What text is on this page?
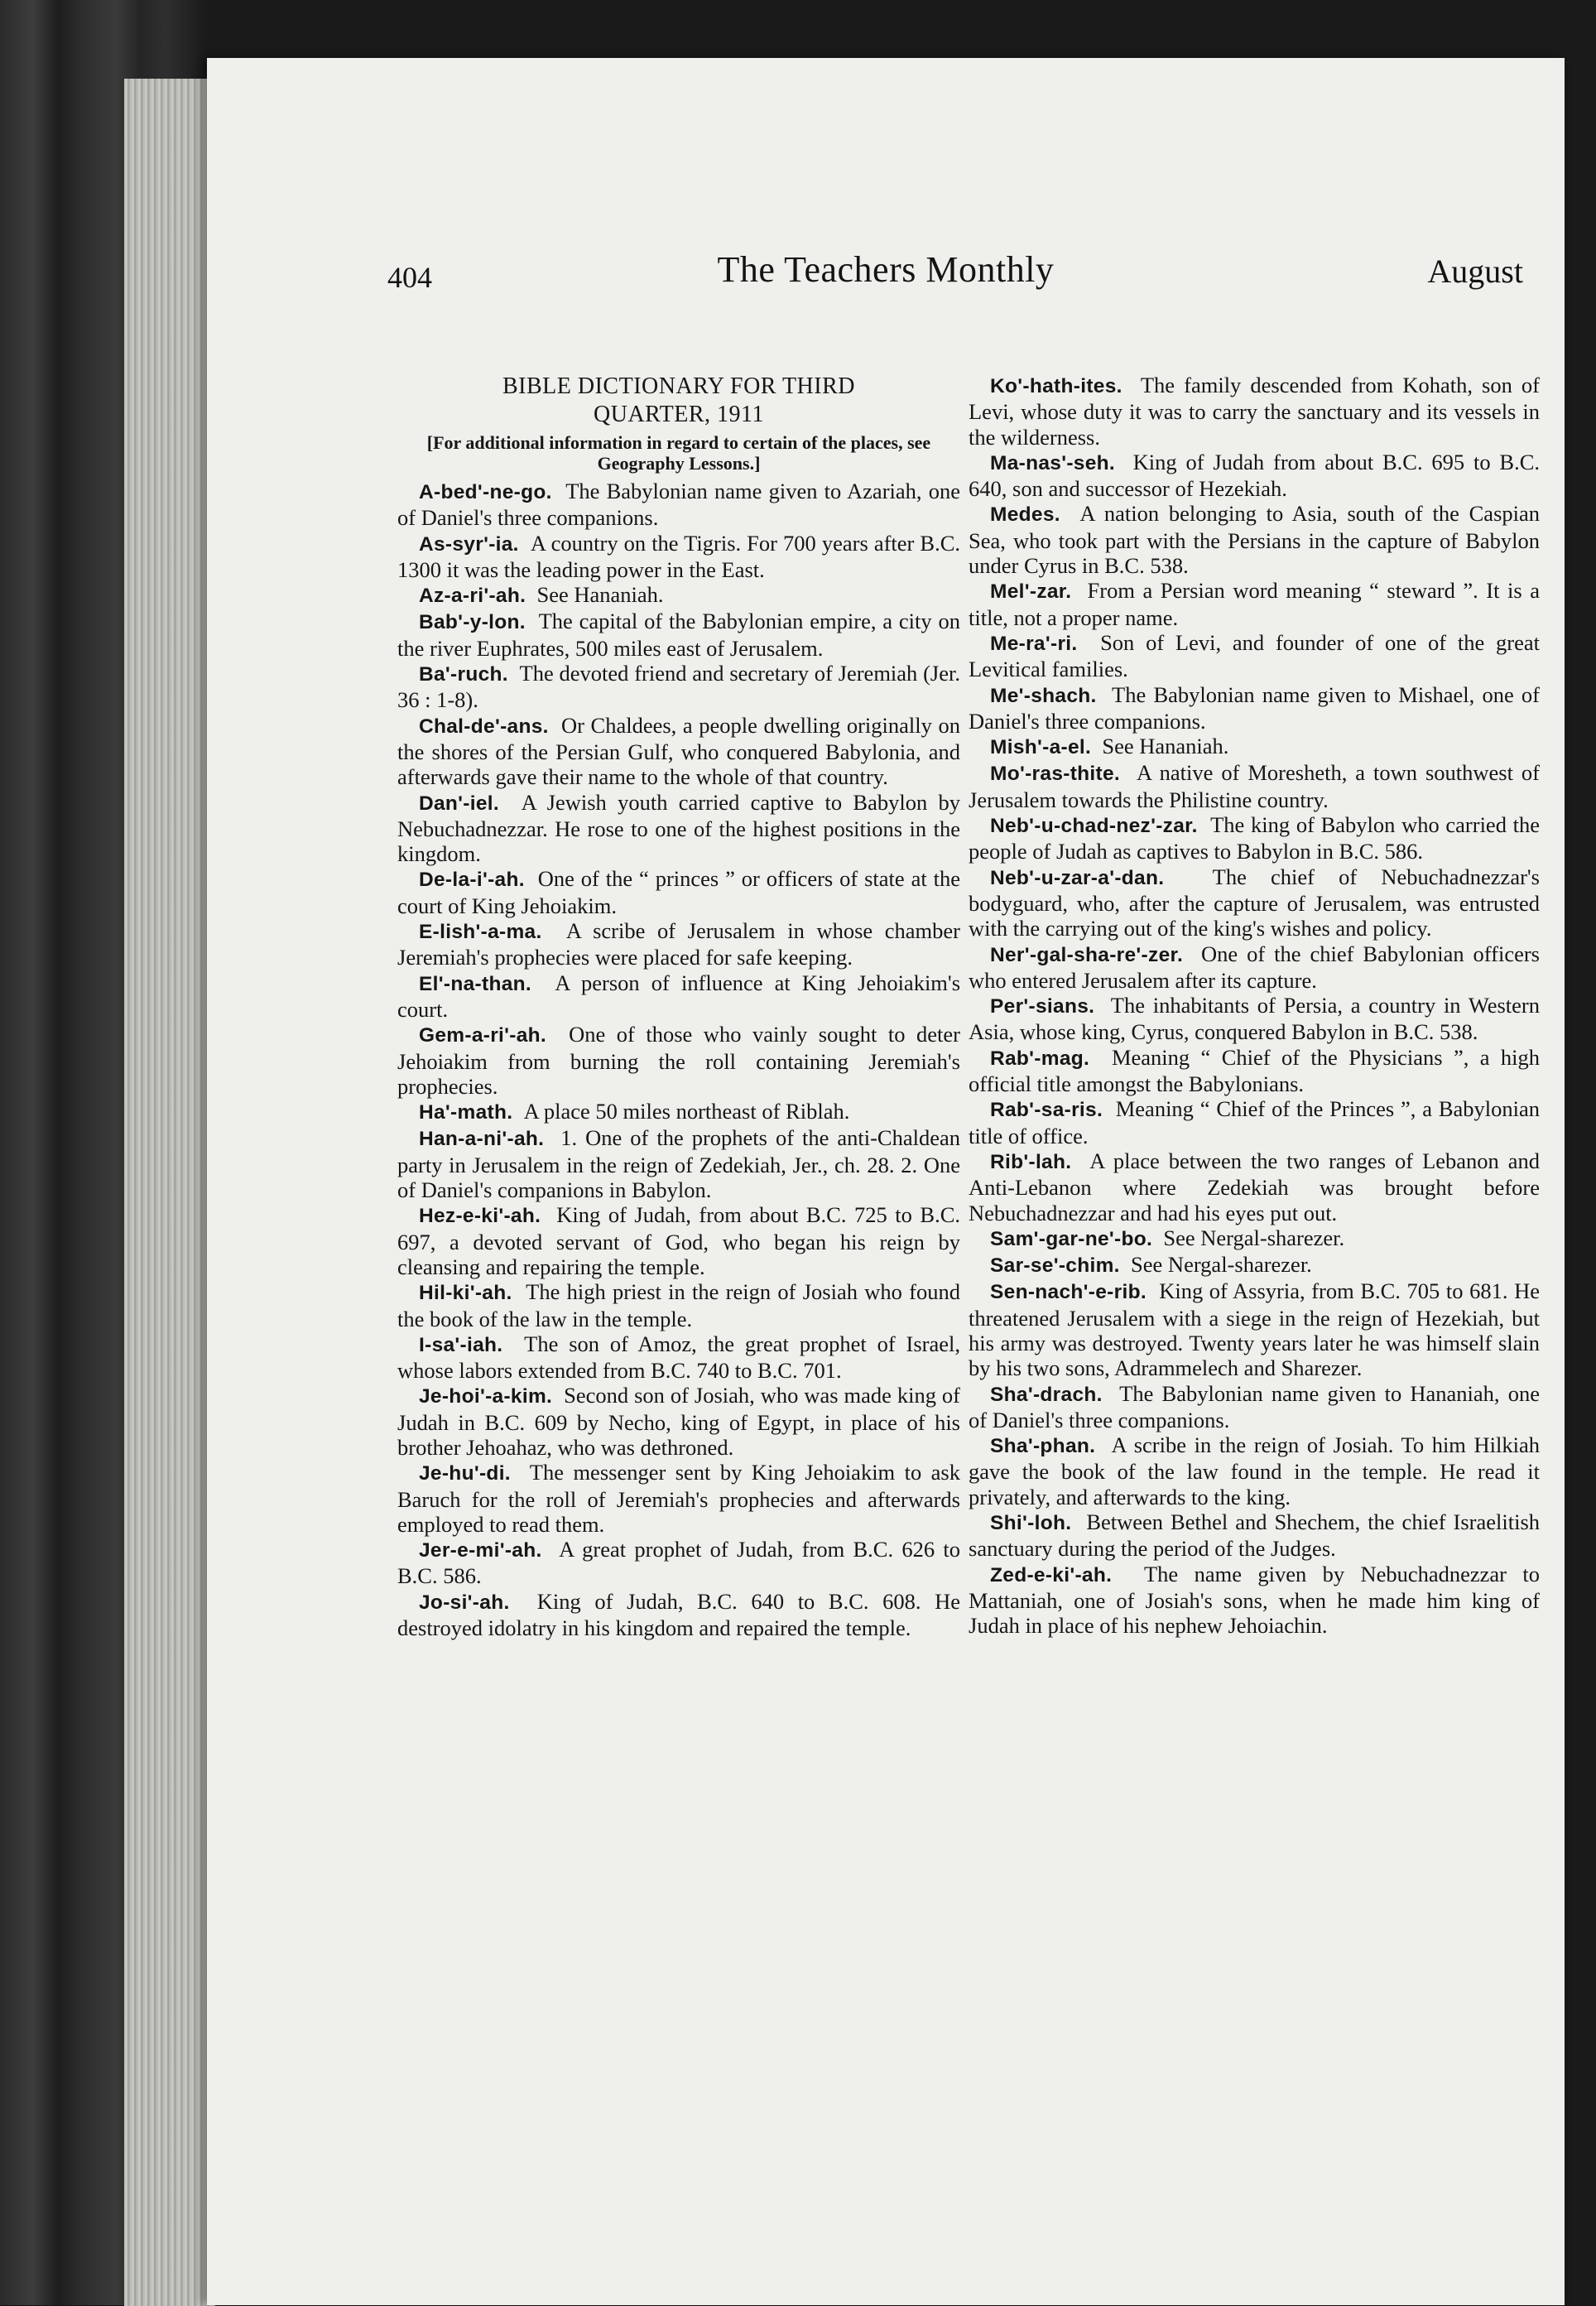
404	The Teachers Monthly	August
BIBLE DICTIONARY FOR THIRD
QUARTER, 1911
[For additional information in regard to certain of the places, see Geography Lessons.]

A-bed'-ne-go. The Babylonian name given to Azariah, one of Daniel's three companions.

As-syr'-ia. A country on the Tigris. For 700 years after B.C. 1300 it was the leading power in the East.

Az-a-ri'-ah. See Hananiah.

Bab'-y-lon. The capital of the Babylonian empire, a city on the river Euphrates, 500 miles east of Jerusalem.

Ba'-ruch. The devoted friend and secretary of Jeremiah (Jer. 36 : 1-8).

Chal-de'-ans. Or Chaldees, a people dwelling originally on the shores of the Persian Gulf, who conquered Babylonia, and afterwards gave their name to the whole of that country.

Dan'-iel. A Jewish youth carried captive to Babylon by Nebuchadnezzar. He rose to one of the highest positions in the kingdom.

De-la-i'-ah. One of the “ princes ” or officers of state at the court of King Jehoiakim.

E-lish'-a-ma. A scribe of Jerusalem in whose chamber Jeremiah's prophecies were placed for safe keeping.

El'-na-than. A person of influence at King Jehoiakim's court.

Gem-a-ri'-ah. One of those who vainly sought to deter Jehoiakim from burning the roll containing Jeremiah's prophecies.

Ha'-math. A place 50 miles northeast of Riblah.

Han-a-ni'-ah. 1. One of the prophets of the anti-Chaldean party in Jerusalem in the reign of Zedekiah, Jer., ch. 28. 2. One of Daniel's companions in Babylon.

Hez-e-ki'-ah. King of Judah, from about B.C. 725 to B.C. 697, a devoted servant of God, who began his reign by cleansing and repairing the temple.

Hil-ki'-ah. The high priest in the reign of Josiah who found the book of the law in the temple.

I-sa'-iah. The son of Amoz, the great prophet of Israel, whose labors extended from B.C. 740 to B.C. 701.

Je-hoi'-a-kim. Second son of Josiah, who was made king of Judah in B.C. 609 by Necho, king of Egypt, in place of his brother Jehoahaz, who was dethroned.

Je-hu'-di. The messenger sent by King Jehoiakim to ask Baruch for the roll of Jeremiah's prophecies and afterwards employed to read them.

Jer-e-mi'-ah. A great prophet of Judah, from B.C. 626 to B.C. 586.

Jo-si'-ah. King of Judah, B.C. 640 to B.C. 608. He destroyed idolatry in his kingdom and repaired the temple.

Ko'-hath-ites. The family descended from Kohath, son of Levi, whose duty it was to carry the sanctuary and its vessels in the wilderness.

Ma-nas'-seh. King of Judah from about B.C. 695 to B.C. 640, son and successor of Hezekiah.

Medes. A nation belonging to Asia, south of the Caspian Sea, who took part with the Persians in the capture of Babylon under Cyrus in B.C. 538.

Mel'-zar. From a Persian word meaning “ steward ”. It is a title, not a proper name.

Me-ra'-ri. Son of Levi, and founder of one of the great Levitical families.

Me'-shach. The Babylonian name given to Mishael, one of Daniel's three companions.

Mish'-a-el. See Hananiah.

Mo'-ras-thite. A native of Moresheth, a town southwest of Jerusalem towards the Philistine country.

Neb'-u-chad-nez'-zar. The king of Babylon who carried the people of Judah as captives to Babylon in B.C. 586.

Neb'-u-zar-a'-dan. The chief of Nebuchadnezzar's bodyguard, who, after the capture of Jerusalem, was entrusted with the carrying out of the king's wishes and policy.

Ner'-gal-sha-re'-zer. One of the chief Babylonian officers who entered Jerusalem after its capture.

Per'-sians. The inhabitants of Persia, a country in Western Asia, whose king, Cyrus, conquered Babylon in B.C. 538.

Rab'-mag. Meaning “ Chief of the Physicians ”, a high official title amongst the Babylonians.

Rab'-sa-ris. Meaning “ Chief of the Princes ”, a Babylonian title of office.

Rib'-lah. A place between the two ranges of Lebanon and Anti-Lebanon where Zedekiah was brought before Nebuchadnezzar and had his eyes put out.

Sam'-gar-ne'-bo. See Nergal-sharezer.

Sar-se'-chim. See Nergal-sharezer.

Sen-nach'-e-rib. King of Assyria, from B.C. 705 to 681. He threatened Jerusalem with a siege in the reign of Hezekiah, but his army was destroyed. Twenty years later he was himself slain by his two sons, Adrammelech and Sharezer.

Sha'-drach. The Babylonian name given to Hananiah, one of Daniel's three companions.

Sha'-phan. A scribe in the reign of Josiah. To him Hilkiah gave the book of the law found in the temple. He read it privately, and afterwards to the king.

Shi'-loh. Between Bethel and Shechem, the chief Israelitish sanctuary during the period of the Judges.

Zed-e-ki'-ah. The name given by Nebuchadnezzar to Mattaniah, one of Josiah's sons, when he made him king of Judah in place of his nephew Jehoiachin.
